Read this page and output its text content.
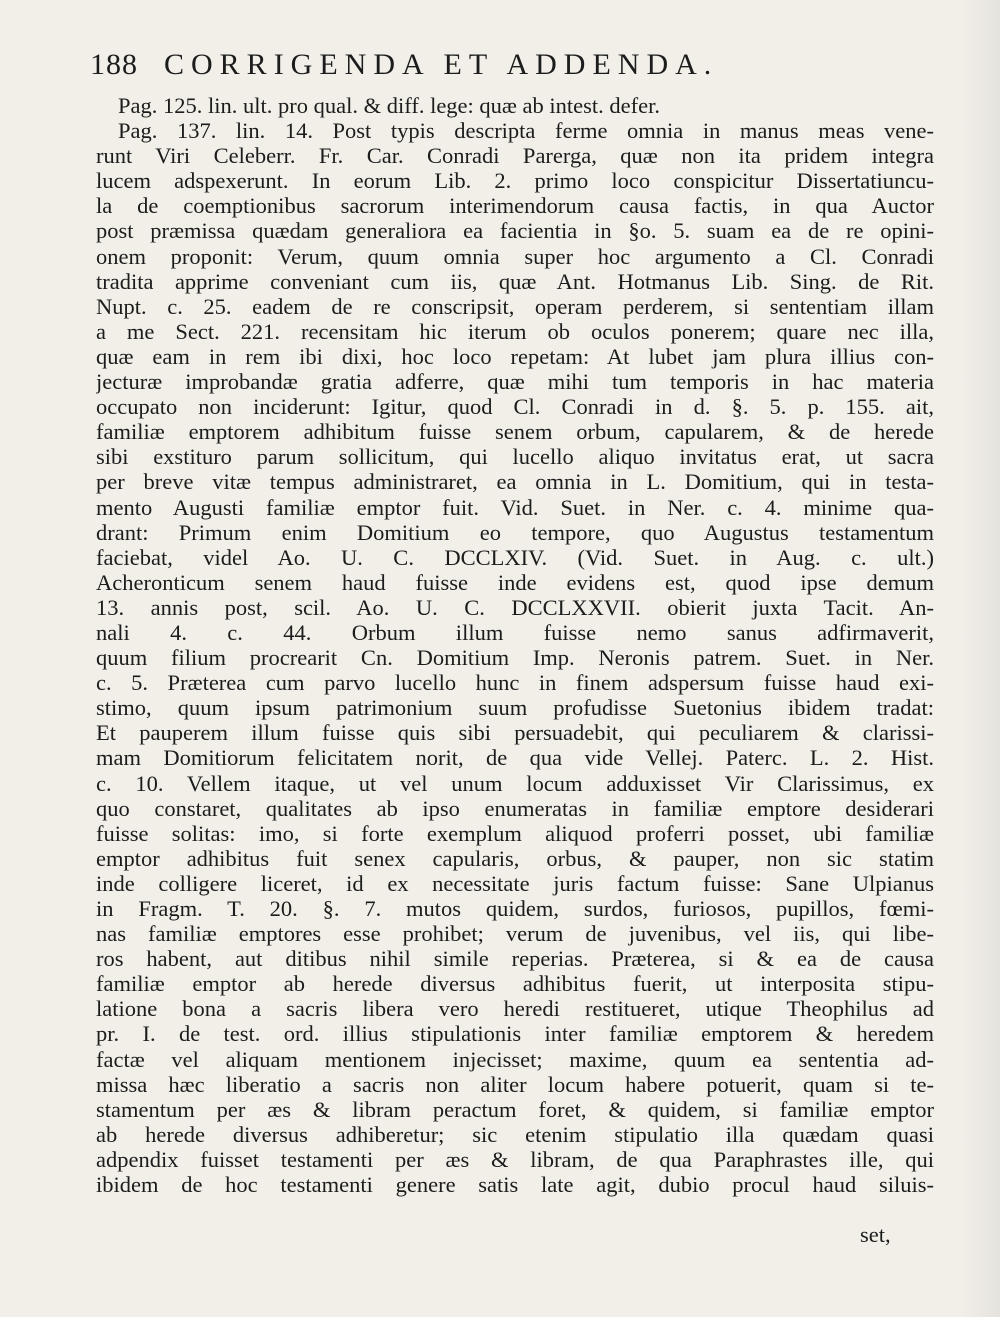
188 CORRIGENDA ET ADDENDA.
Pag. 125. lin. ult. pro qual. & diff. lege: quæ ab intest. defer.
Pag. 137. lin. 14. Post typis descripta ferme omnia in manus meas vene-
runt Viri Celeberr. Fr. Car. Conradi Parerga, quæ non ita pridem integra
lucem adspexerunt. In eorum Lib. 2. primo loco conspicitur Dissertatiuncu-
la de coemptionibus sacrorum interimendorum causa factis, in qua Auctor
post præmissa quædam generaliora ea facientia in §o. 5. suam ea de re opini-
onem proponit: Verum, quum omnia super hoc argumento a Cl. Conradi
tradita apprime conveniant cum iis, quæ Ant. Hotmanus Lib. Sing. de Rit.
Nupt. c. 25. eadem de re conscripsit, operam perderem, si sententiam illam
a me Sect. 221. recensitam hic iterum ob oculos ponerem; quare nec illa,
quæ eam in rem ibi dixi, hoc loco repetam: At lubet jam plura illius con-
jecturæ improbandæ gratia adferre, quæ mihi tum temporis in hac materia
occupato non inciderunt: Igitur, quod Cl. Conradi in d. §. 5. p. 155. ait,
familiæ emptorem adhibitum fuisse senem orbum, capularem, & de herede
sibi exstituro parum sollicitum, qui lucello aliquo invitatus erat, ut sacra
per breve vitæ tempus administraret, ea omnia in L. Domitium, qui in testa-
mento Augusti familiæ emptor fuit. Vid. Suet. in Ner. c. 4. minime qua-
drant: Primum enim Domitium eo tempore, quo Augustus testamentum
faciebat, videl Ao. U. C. DCCLXIV. (Vid. Suet. in Aug. c. ult.)
Acheronticum senem haud fuisse inde evidens est, quod ipse demum
13. annis post, scil. Ao. U. C. DCCLXXVII. obierit juxta Tacit. An-
nali 4. c. 44. Orbum illum fuisse nemo sanus adfirmaverit,
quum filium procrearit Cn. Domitium Imp. Neronis patrem. Suet. in Ner.
c. 5. Præterea cum parvo lucello hunc in finem adspersum fuisse haud exi-
stimo, quum ipsum patrimonium suum profudisse Suetonius ibidem tradat:
Et pauperem illum fuisse quis sibi persuadebit, qui peculiarem & clarissi-
mam Domitiorum felicitatem norit, de qua vide Vellej. Paterc. L. 2. Hist.
c. 10. Vellem itaque, ut vel unum locum adduxisset Vir Clarissimus, ex
quo constaret, qualitates ab ipso enumeratas in familiæ emptore desiderari
fuisse solitas: imo, si forte exemplum aliquod proferri posset, ubi familiæ
emptor adhibitus fuit senex capularis, orbus, & pauper, non sic statim
inde colligere liceret, id ex necessitate juris factum fuisse: Sane Ulpianus
in Fragm. T. 20. §. 7. mutos quidem, surdos, furiosos, pupillos, fœmi-
nas familiæ emptores esse prohibet; verum de juvenibus, vel iis, qui libe-
ros habent, aut ditibus nihil simile reperias. Præterea, si & ea de causa
familiæ emptor ab herede diversus adhibitus fuerit, ut interposita stipu-
latione bona a sacris libera vero heredi restitueret, utique Theophilus ad
pr. I. de test. ord. illius stipulationis inter familiæ emptorem & heredem
factæ vel aliquam mentionem injecisset; maxime, quum ea sententia ad-
missa hæc liberatio a sacris non aliter locum habere potuerit, quam si te-
stamentum per æs & libram peractum foret, & quidem, si familiæ emptor
ab herede diversus adhiberetur; sic etenim stipulatio illa quædam quasi
adpendix fuisset testamenti per æs & libram, de qua Paraphrastes ille, qui
ibidem de hoc testamenti genere satis late agit, dubio procul haud siluis-
set,
